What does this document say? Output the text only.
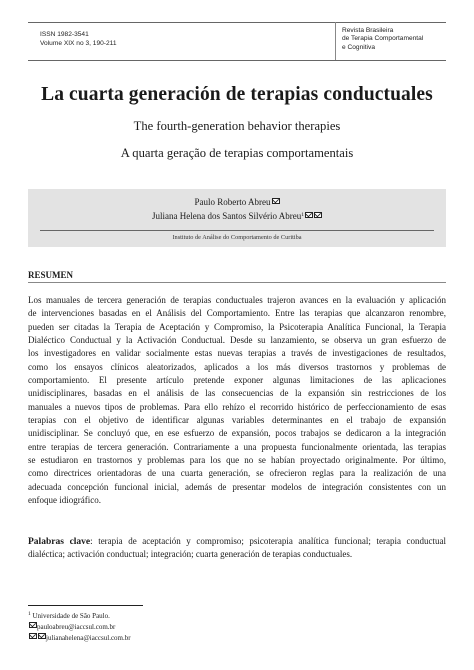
ISSN 1982-3541
Volume XIX no 3, 190-211
Revista Brasileira
de Terapia Comportamental
e Cognitiva
La cuarta generación de terapias conductuales
The fourth-generation behavior therapies
A quarta geração de terapias comportamentais
Paulo Roberto Abreu
Juliana Helena dos Santos Silvério Abreu$^1$
Instituto de Análise do Comportamento de Curitiba
RESUMEN
Los manuales de tercera generación de terapias conductuales trajeron avances en la evaluación y aplicación
de intervenciones basadas en el Análisis del Comportamiento. Entre las terapias que alcanzaron renombre,
pueden ser citadas la Terapia de Aceptación y Compromiso, la Psicoterapia Analítica Funcional, la Terapia
Dialéctico Conductual y la Activación Conductual. Desde su lanzamiento, se observa un gran esfuerzo de
los investigadores en validar socialmente estas nuevas terapias a través de investigaciones de resultados,
como los ensayos clínicos aleatorizados, aplicados a los más diversos trastornos y problemas de
comportamiento. El presente artículo pretende exponer algunas limitaciones de las aplicaciones
unidisciplinares, basadas en el análisis de las consecuencias de la expansión sin restricciones de los
manuales a nuevos tipos de problemas. Para ello rehízo el recorrido histórico de perfeccionamiento de esas
terapias con el objetivo de identificar algunas variables determinantes en el trabajo de expansión
unidisciplinar. Se concluyó que, en ese esfuerzo de expansión, pocos trabajos se dedicaron a la integración
entre terapias de tercera generación. Contrariamente a una propuesta funcionalmente orientada, las terapias
se estudiaron en trastornos y problemas para los que no se habían proyectado originalmente. Por último,
como directrices orientadoras de una cuarta generación, se ofrecieron reglas para la realización de una
adecuada concepción funcional inicial, además de presentar modelos de integración consistentes con un
enfoque idiográfico.
Palabras clave: terapia de aceptación y compromiso; psicoterapia analítica funcional; terapia conductual
dialéctica; activación conductual; integración; cuarta generación de terapias conductuales.
$^1$ Universidade de São Paulo.
pauloabreu@iaccsul.com.br
julianahelena@iaccsul.com.br
